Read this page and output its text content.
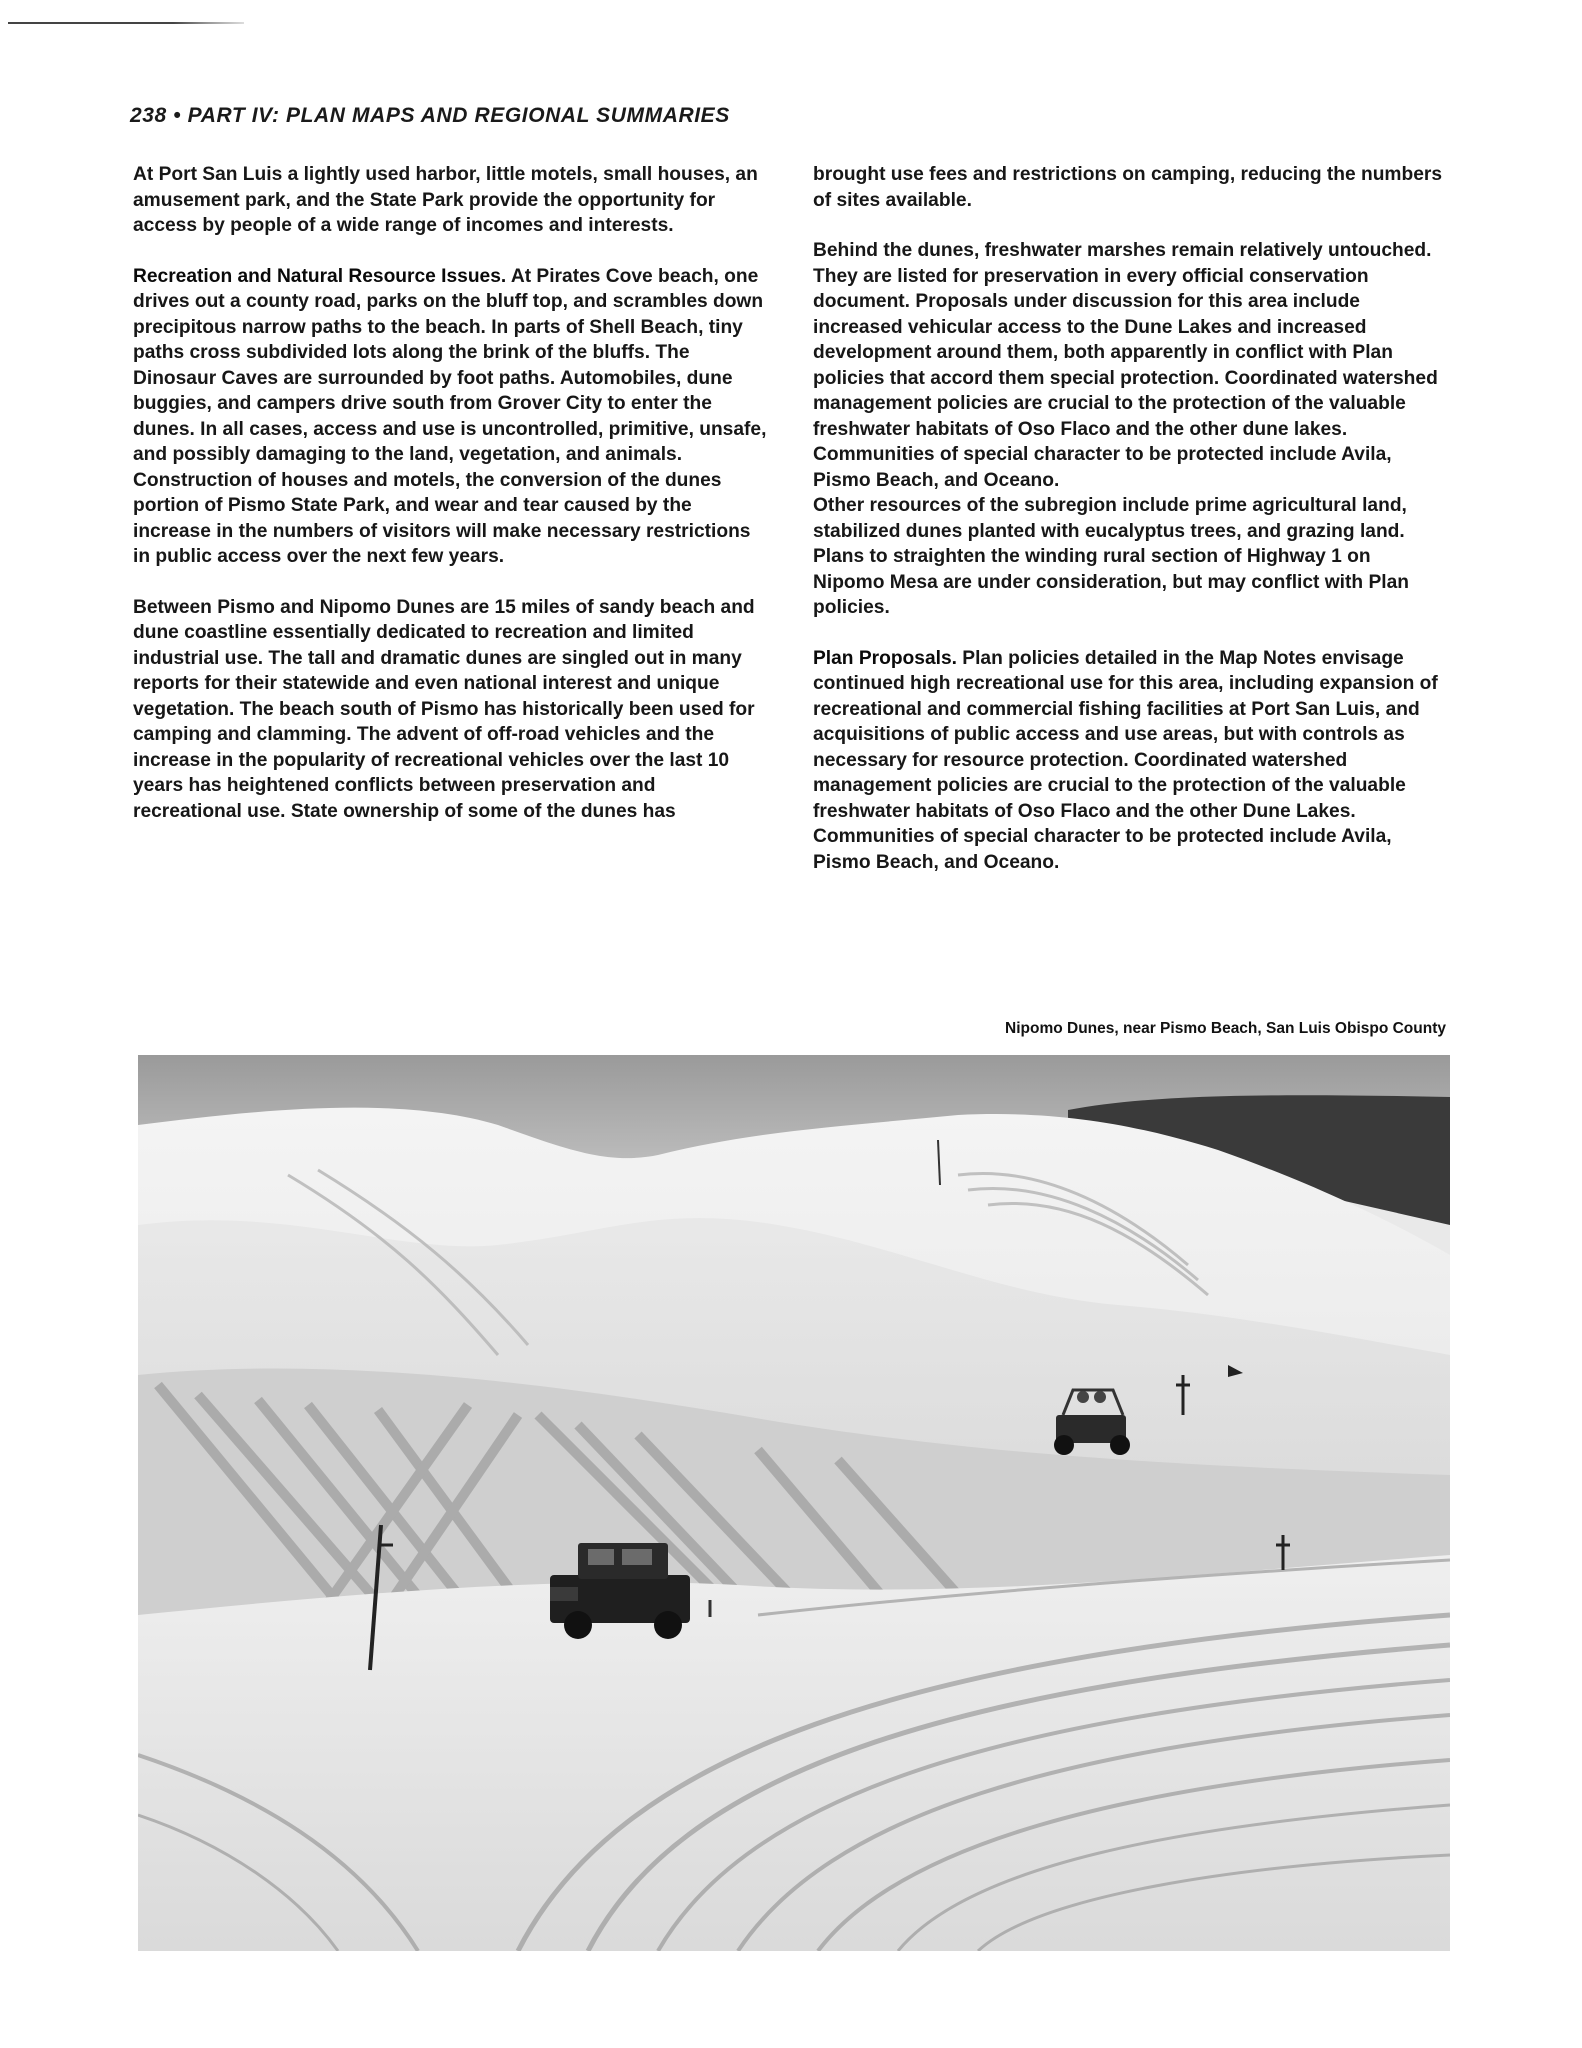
238 • PART IV: PLAN MAPS AND REGIONAL SUMMARIES

At Port San Luis a lightly used harbor, little motels, small houses, an amusement park, and the State Park provide the opportunity for access by people of a wide range of incomes and interests.

Recreation and Natural Resource Issues. At Pirates Cove beach, one drives out a county road, parks on the bluff top, and scrambles down precipitous narrow paths to the beach. In parts of Shell Beach, tiny paths cross subdivided lots along the brink of the bluffs. The Dinosaur Caves are surrounded by foot paths. Automobiles, dune buggies, and campers drive south from Grover City to enter the dunes. In all cases, access and use is uncontrolled, primitive, unsafe, and possibly damaging to the land, vegetation, and animals. Construction of houses and motels, the conversion of the dunes portion of Pismo State Park, and wear and tear caused by the increase in the numbers of visitors will make necessary restrictions in public access over the next few years.

Between Pismo and Nipomo Dunes are 15 miles of sandy beach and dune coastline essentially dedicated to recreation and limited industrial use. The tall and dramatic dunes are singled out in many reports for their statewide and even national interest and unique vegetation. The beach south of Pismo has historically been used for camping and clamming. The advent of off-road vehicles and the increase in the popularity of recreational vehicles over the last 10 years has heightened conflicts between preservation and recreational use. State ownership of some of the dunes has

brought use fees and restrictions on camping, reducing the numbers of sites available.

Behind the dunes, freshwater marshes remain relatively untouched. They are listed for preservation in every official conservation document. Proposals under discussion for this area include increased vehicular access to the Dune Lakes and increased development around them, both apparently in conflict with Plan policies that accord them special protection. Coordinated watershed management policies are crucial to the protection of the valuable freshwater habitats of Oso Flaco and the other dune lakes. Communities of special character to be protected include Avila, Pismo Beach, and Oceano.

Other resources of the subregion include prime agricultural land, stabilized dunes planted with eucalyptus trees, and grazing land. Plans to straighten the winding rural section of Highway 1 on Nipomo Mesa are under consideration, but may conflict with Plan policies.

Plan Proposals. Plan policies detailed in the Map Notes envisage continued high recreational use for this area, including expansion of recreational and commercial fishing facilities at Port San Luis, and acquisitions of public access and use areas, but with controls as necessary for resource protection. Coordinated watershed management policies are crucial to the protection of the valuable freshwater habitats of Oso Flaco and the other Dune Lakes. Communities of special character to be protected include Avila, Pismo Beach, and Oceano.

Nipomo Dunes, near Pismo Beach, San Luis Obispo County
